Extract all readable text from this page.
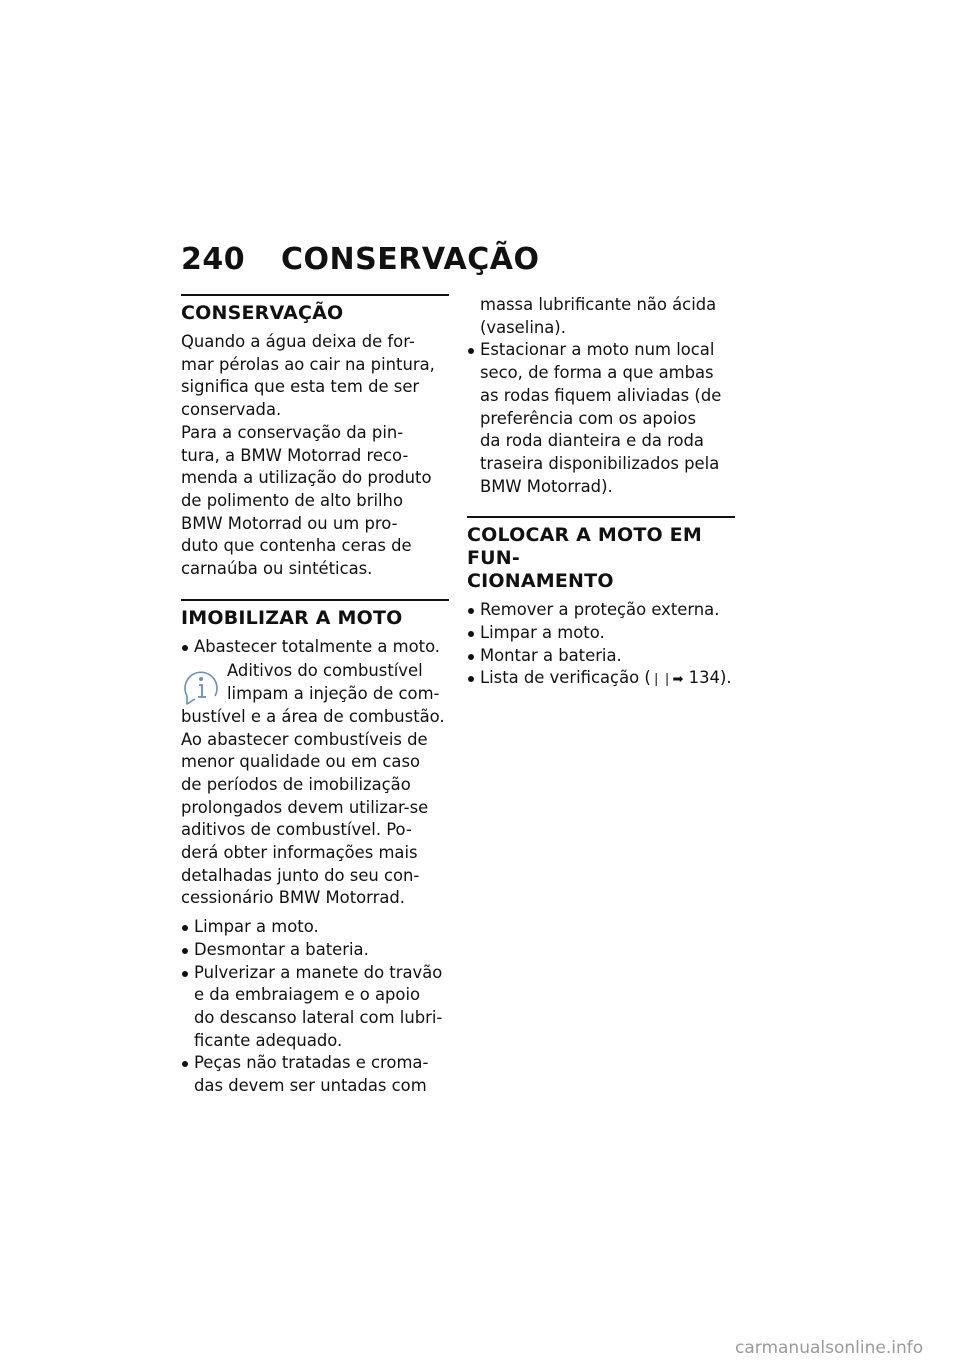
240 CONSERVAÇÃO
CONSERVAÇÃO

Quando a água deixa de for-
mar pérolas ao cair na pintura,
significa que esta tem de ser
conservada.

Para a conservação da pin-
tura, a BMW Motorrad reco-
menda a utilização do produto
de polimento de alto brilho
BMW Motorrad ou um pro-
duto que contenha ceras de
carnaúba ou sintéticas.

IMOBILIZAR A MOTO
Abastecer totalmente a moto.

Aditivos do combustível
limpam a injeção de com-
bustível e a área de combustão.
Ao abastecer combustíveis de
menor qualidade ou em caso
de períodos de imobilização
prolongados devem utilizar-se
aditivos de combustível. Po-
derá obter informações mais
detalhadas junto do seu con-
cessionário BMW Motorrad.

Limpar a moto.
Desmontar a bateria.
Pulverizar a manete do travão
e da embraiagem e o apoio
do descanso lateral com lubri-
ficante adequado.
Peças não tratadas e croma-
das devem ser untadas com
massa lubrificante não ácida
(vaselina).
Estacionar a moto num local
seco, de forma a que ambas
as rodas fiquem aliviadas (de
preferência com os apoios
da roda dianteira e da roda
traseira disponibilizados pela
BMW Motorrad).
COLOCAR A MOTO EM FUN-
CIONAMENTO
Remover a proteção externa.
Limpar a moto.
Montar a bateria.
Lista de verificação (❘❘➡ 134).
carmanualsonline.info
